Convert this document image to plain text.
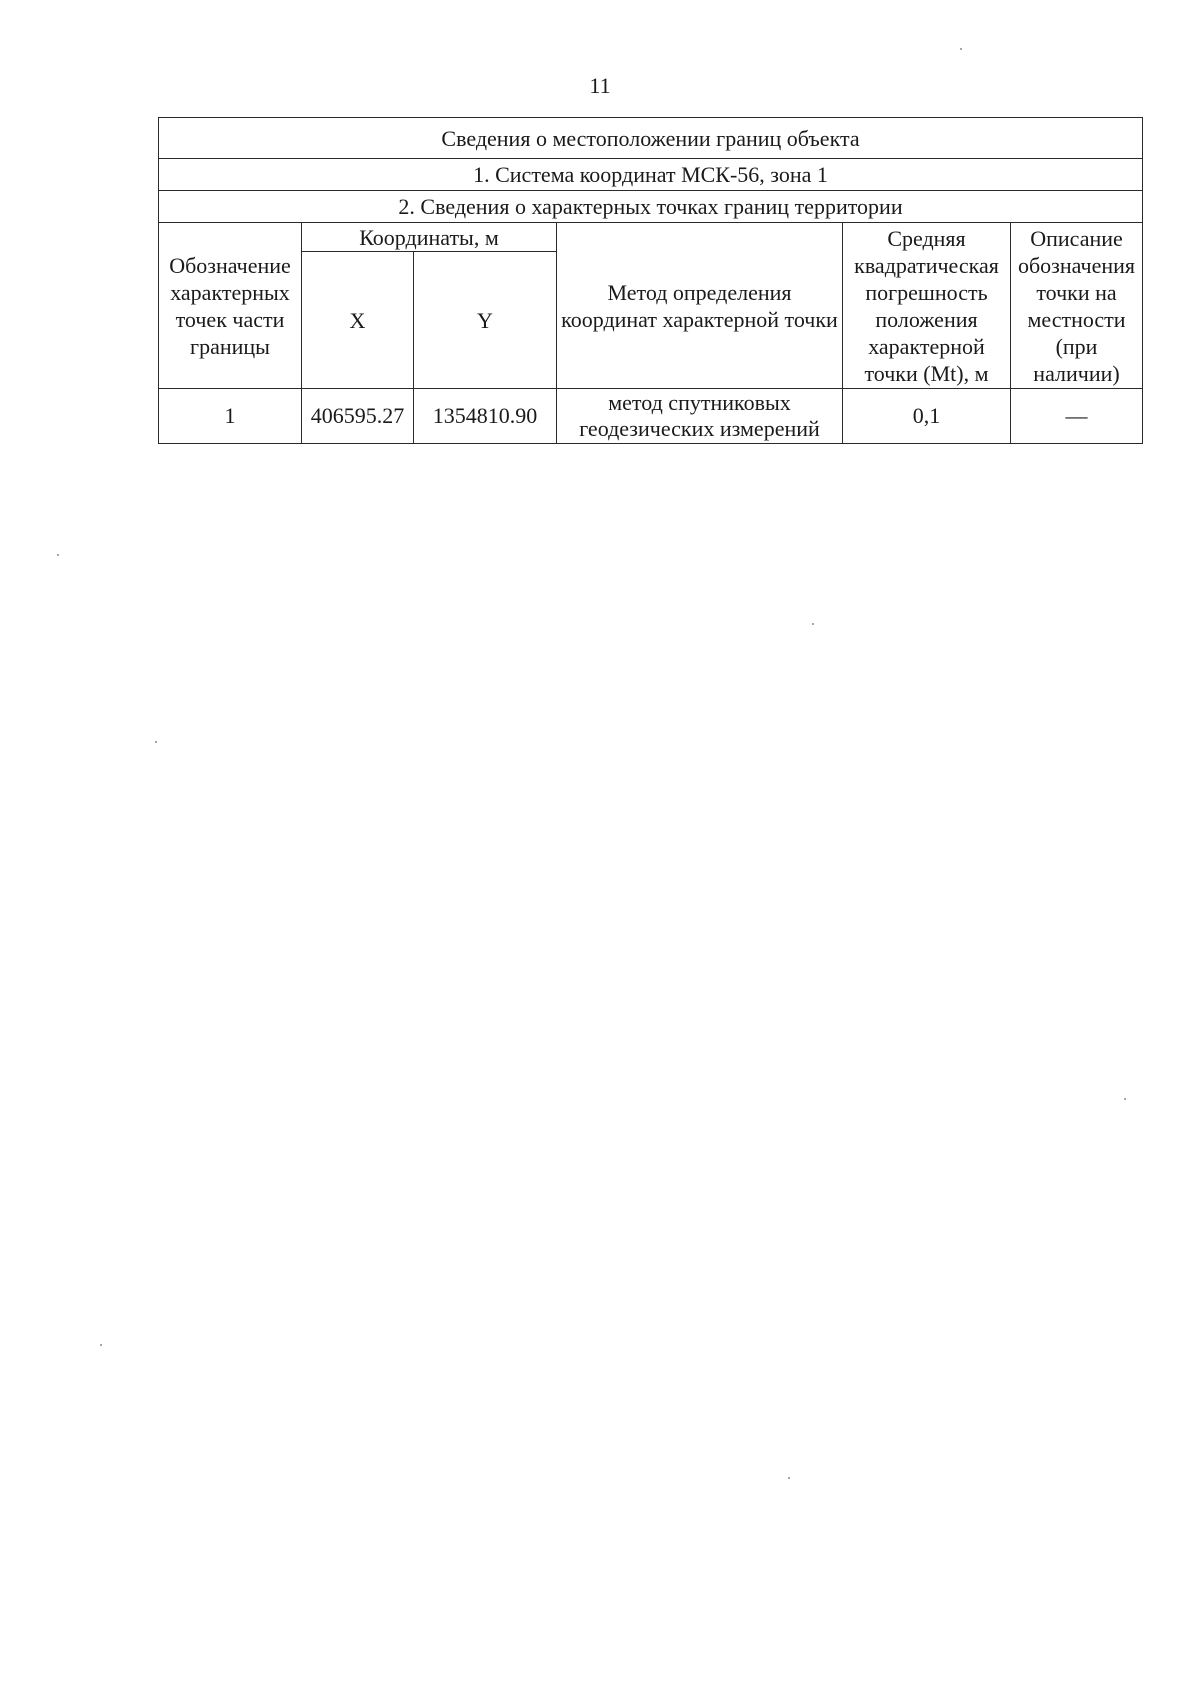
11
Сведения о местоположении границ объекта					
1. Система координат МСК-56, зона 1					
2. Сведения о характерных точках границ территории					
Обозначение характерных точек части границы	Координаты, м		Метод определения координат характерной точки	Средняя квадратическая погрешность положения характерной точки (Mt), м	Описание обозначения точки на местности (при наличии)
	X	Y			
1	406595.27	1354810.90	метод спутниковых геодезических измерений	0,1	—
